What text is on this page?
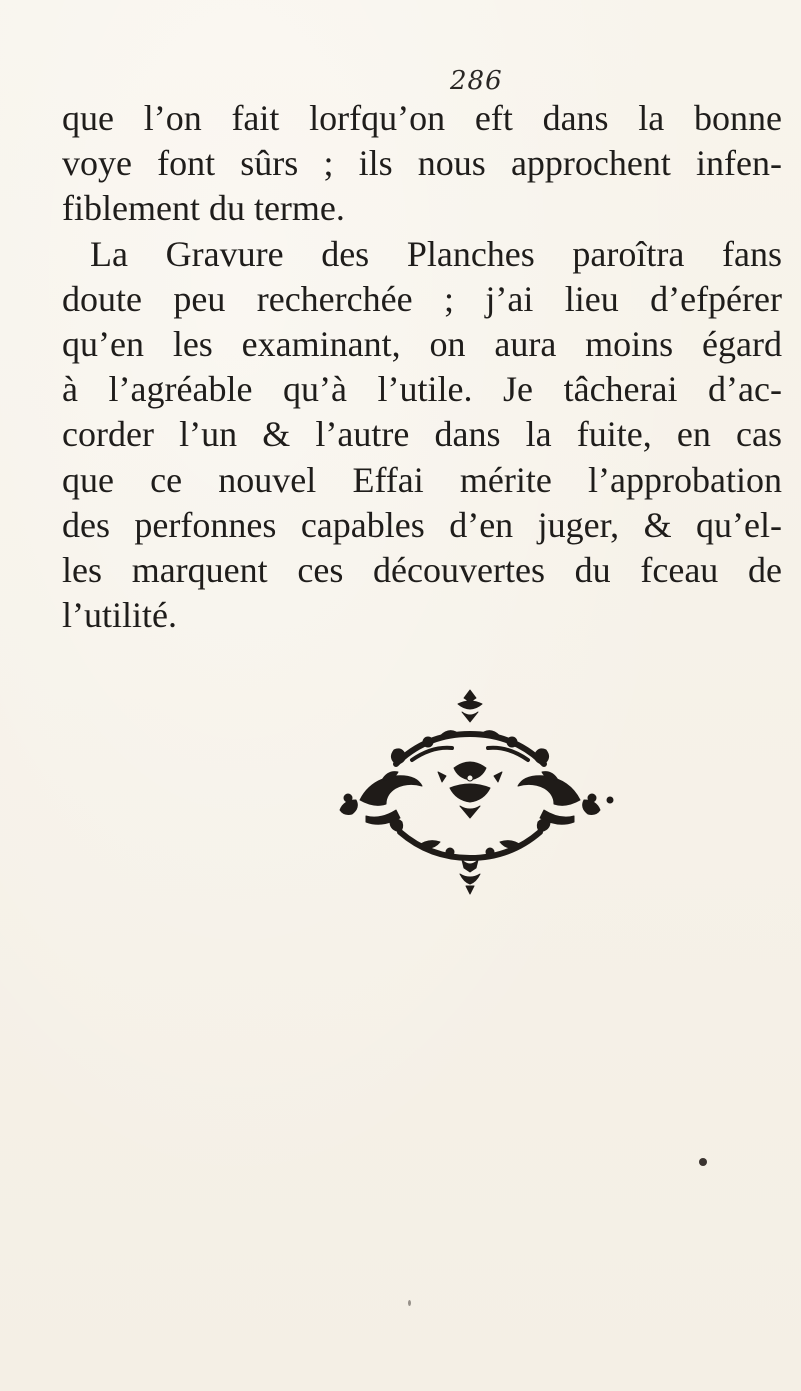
286
que l’on fait lorfqu’on eft dans la bonne
voye font sûrs ; ils nous approchent infen-
fiblement du terme.
La Gravure des Planches paroîtra fans
doute peu recherchée ; j’ai lieu d’efpérer
qu’en les examinant, on aura moins égard
à l’agréable qu’à l’utile. Je tâcherai d’ac-
corder l’un & l’autre dans la fuite, en cas
que ce nouvel Effai mérite l’approbation
des perfonnes capables d’en juger, & qu’el-
les marquent ces découvertes du fceau de
l’utilité.
